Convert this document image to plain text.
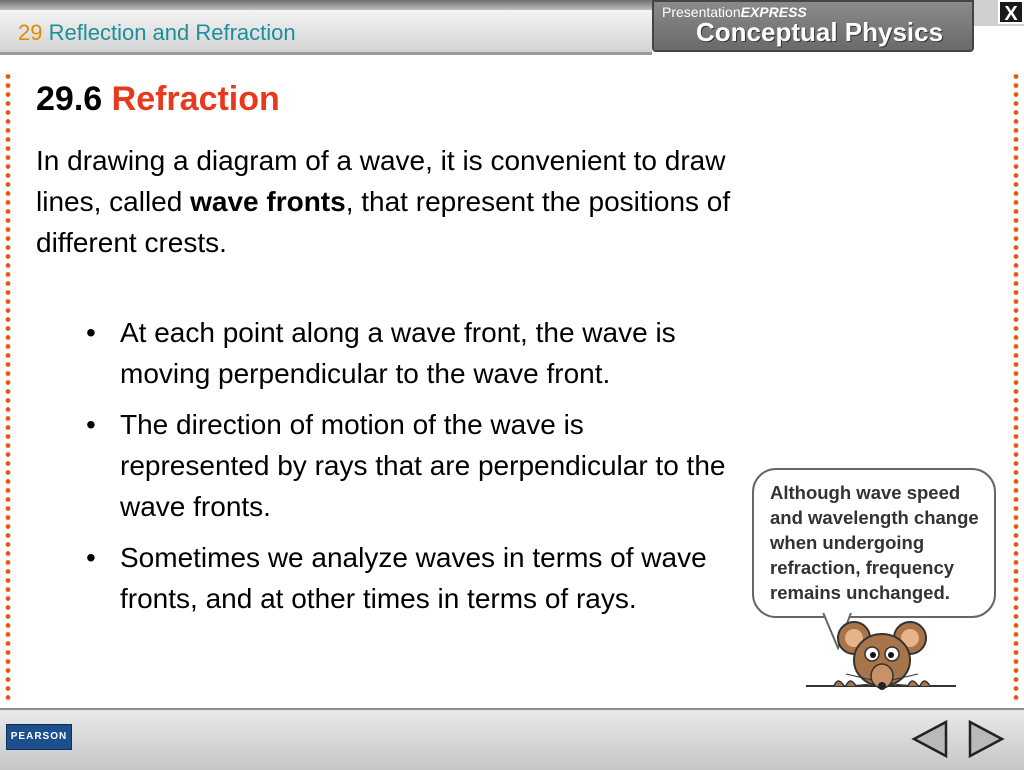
29 Reflection and Refraction
PresentationEXPRESS
Conceptual Physics
X
29.6 Refraction
In drawing a diagram of a wave, it is convenient to draw lines, called wave fronts, that represent the positions of different crests.
• At each point along a wave front, the wave is moving perpendicular to the wave front.
• The direction of motion of the wave is represented by rays that are perpendicular to the wave fronts.
• Sometimes we analyze waves in terms of wave fronts, and at other times in terms of rays.
Although wave speed and wavelength change when undergoing refraction, frequency remains unchanged.
PEARSON
